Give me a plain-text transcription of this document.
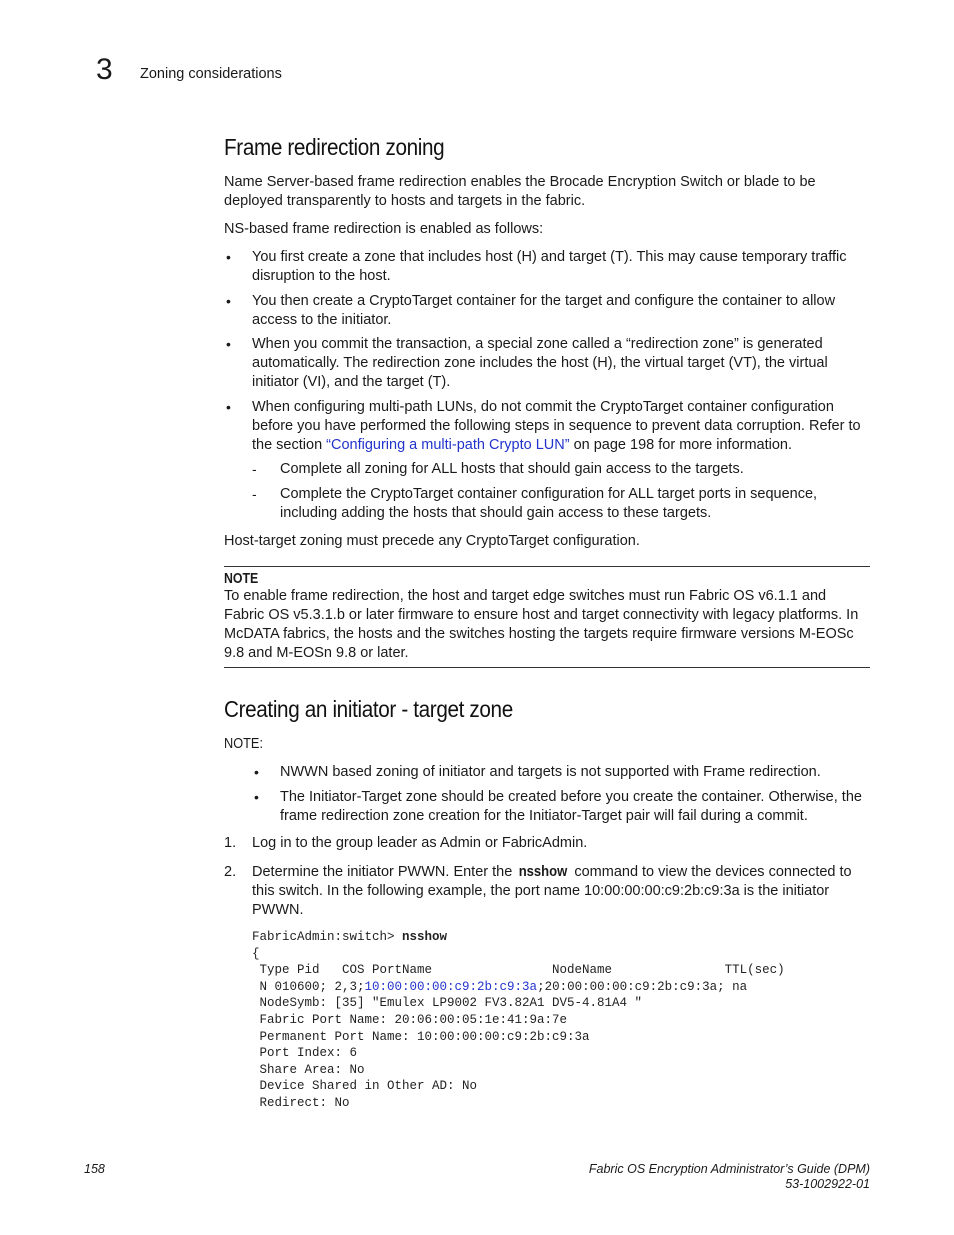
3 Zoning considerations
Frame redirection zoning
Name Server-based frame redirection enables the Brocade Encryption Switch or blade to be deployed transparently to hosts and targets in the fabric.
NS-based frame redirection is enabled as follows:
• You first create a zone that includes host (H) and target (T). This may cause temporary traffic disruption to the host.
• You then create a CryptoTarget container for the target and configure the container to allow access to the initiator.
• When you commit the transaction, a special zone called a “redirection zone” is generated automatically. The redirection zone includes the host (H), the virtual target (VT), the virtual initiator (VI), and the target (T).
• When configuring multi-path LUNs, do not commit the CryptoTarget container configuration before you have performed the following steps in sequence to prevent data corruption. Refer to the section “Configuring a multi-path Crypto LUN” on page 198 for more information.
- Complete all zoning for ALL hosts that should gain access to the targets.
- Complete the CryptoTarget container configuration for ALL target ports in sequence, including adding the hosts that should gain access to these targets.
Host-target zoning must precede any CryptoTarget configuration.
NOTE
To enable frame redirection, the host and target edge switches must run Fabric OS v6.1.1 and Fabric OS v5.3.1.b or later firmware to ensure host and target connectivity with legacy platforms. In McDATA fabrics, the hosts and the switches hosting the targets require firmware versions M-EOSc 9.8 and M-EOSn 9.8 or later.
Creating an initiator - target zone
NOTE:
• NWWN based zoning of initiator and targets is not supported with Frame redirection.
• The Initiator-Target zone should be created before you create the container. Otherwise, the frame redirection zone creation for the Initiator-Target pair will fail during a commit.
1. Log in to the group leader as Admin or FabricAdmin.
2. Determine the initiator PWWN. Enter the nsshow command to view the devices connected to this switch. In the following example, the port name 10:00:00:00:c9:2b:c9:3a is the initiator PWWN.
FabricAdmin:switch> nsshow
{
Type Pid   COS PortName                NodeName               TTL(sec)
N 010600; 2,3;10:00:00:00:c9:2b:c9:3a;20:00:00:00:c9:2b:c9:3a; na
NodeSymb: [35] "Emulex LP9002 FV3.82A1 DV5-4.81A4 "
Fabric Port Name: 20:06:00:05:1e:41:9a:7e
Permanent Port Name: 10:00:00:00:c9:2b:c9:3a
Port Index: 6
Share Area: No
Device Shared in Other AD: No
Redirect: No
158	Fabric OS Encryption Administrator’s Guide (DPM)
53-1002922-01
